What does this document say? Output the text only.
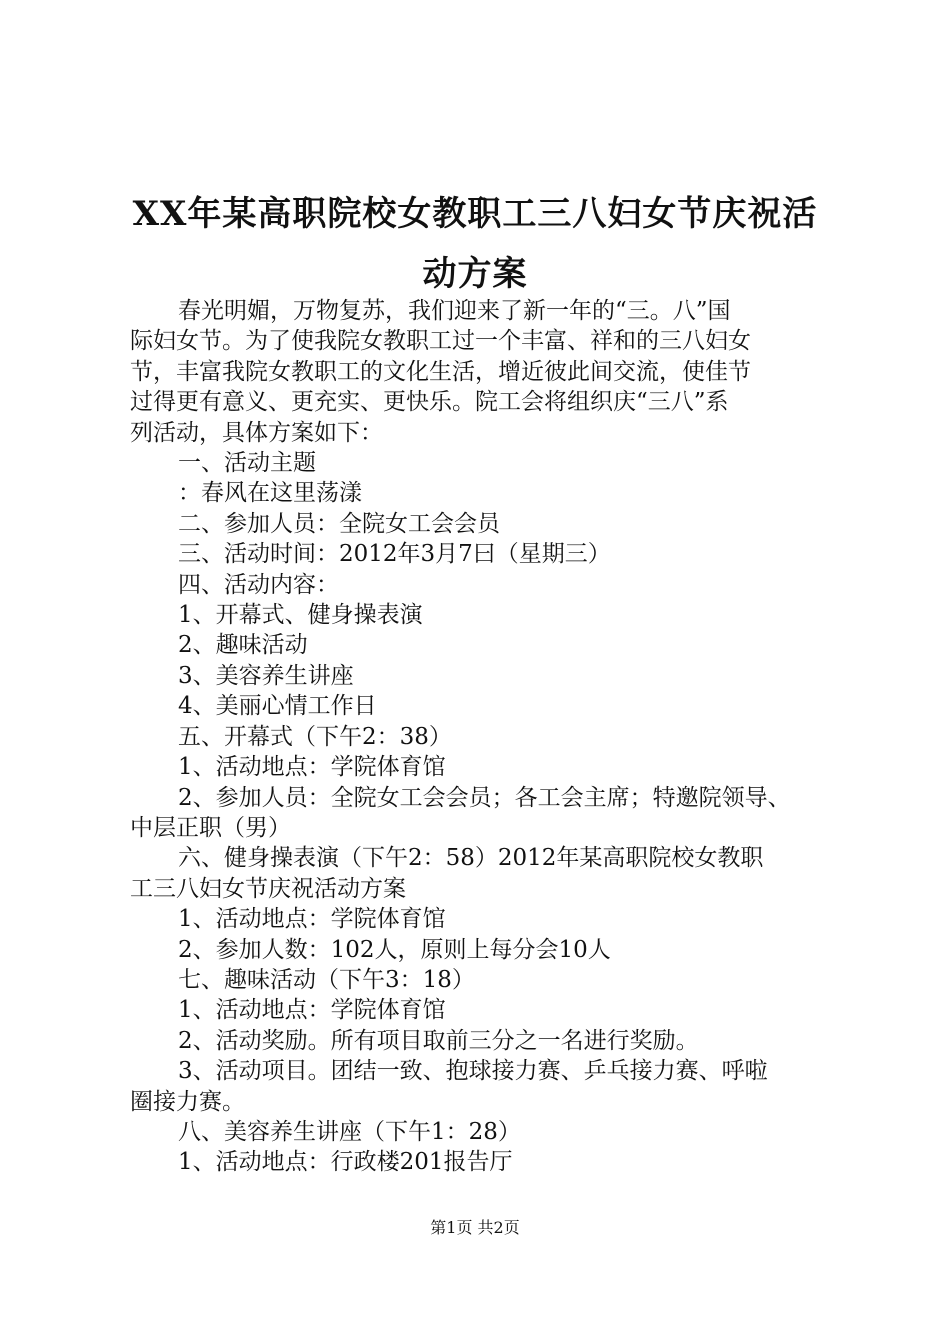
XX年某高职院校女教职工三八妇女节庆祝活
动方案

春光明媚，万物复苏，我们迎来了新一年的“三。八”国

际妇女节。为了使我院女教职工过一个丰富、祥和的三八妇女

节，丰富我院女教职工的文化生活，增近彼此间交流，使佳节

过得更有意义、更充实、更快乐。院工会将组织庆“三八”系

列活动，具体方案如下：

一、活动主题

：春风在这里荡漾

二、参加人员：全院女工会会员

三、活动时间：2012年3月7曰（星期三）

四、活动内容：

1、开幕式、健身操表演

2、趣味活动

3、美容养生讲座

4、美丽心情工作日

五、开幕式（下午2：38）

1、活动地点：学院体育馆

2、参加人员：全院女工会会员；各工会主席；特邀院领导、

中层正职（男）

六、健身操表演（下午2：58）2012年某高职院校女教职

工三八妇女节庆祝活动方案

1、活动地点：学院体育馆

2、参加人数：102人，原则上每分会10人

七、趣味活动（下午3：18）

1、活动地点：学院体育馆

2、活动奖励。所有项目取前三分之一名进行奖励。

3、活动项目。团结一致、抱球接力赛、乒乓接力赛、呼啦

圈接力赛。

八、美容养生讲座（下午1：28）

1、活动地点：行政楼201报告厅

第1页 共2页
